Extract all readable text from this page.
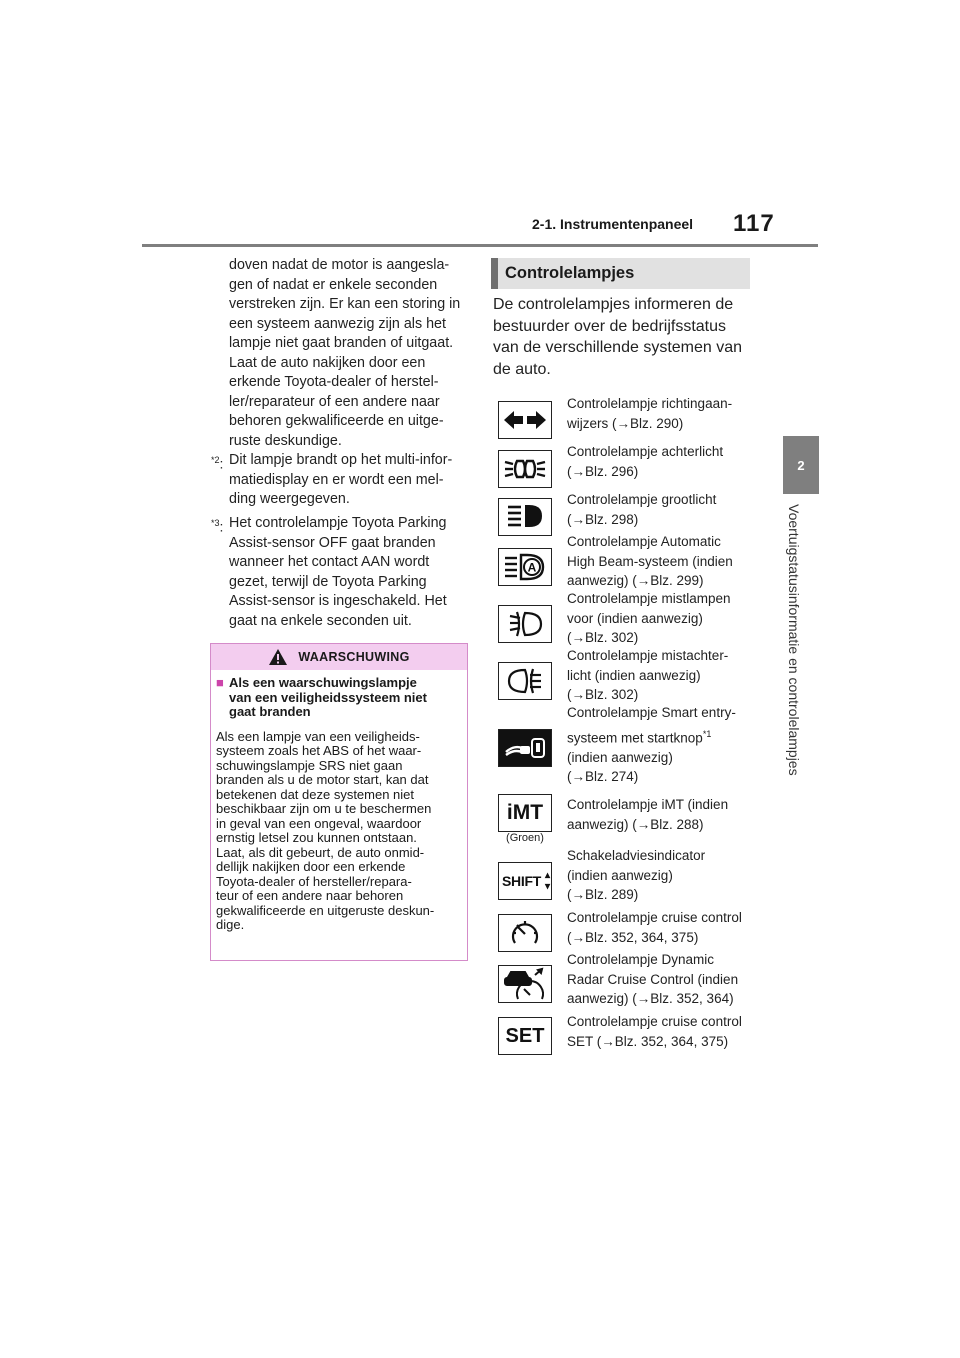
2-1. Instrumentenpaneel 117
2
Voertuigstatusinformatie en controlelampjes
doven nadat de motor is aangesla-
gen of nadat er enkele seconden
verstreken zijn. Er kan een storing in
een systeem aanwezig zijn als het
lampje niet gaat branden of uitgaat.
Laat de auto nakijken door een
erkende Toyota-dealer of herstel-
ler/reparateur of een andere naar
behoren gekwalificeerde en uitge-
ruste deskundige.
$^{*2}$: Dit lampje brandt op het multi-infor-
matiedisplay en er wordt een mel-
ding weergegeven.
$^{*3}$: Het controlelampje Toyota Parking
Assist-sensor OFF gaat branden
wanneer het contact AAN wordt
gezet, terwijl de Toyota Parking
Assist-sensor is ingeschakeld. Het
gaat na enkele seconden uit.
WAARSCHUWING
■ Als een waarschuwingslampje
van een veiligheidssysteem niet
gaat branden
Als een lampje van een veiligheids-
systeem zoals het ABS of het waar-
schuwingslampje SRS niet gaan
branden als u de motor start, kan dat
betekenen dat deze systemen niet
beschikbaar zijn om u te beschermen
in geval van een ongeval, waardoor
ernstig letsel zou kunnen ontstaan.
Laat, als dit gebeurt, de auto onmid-
dellijk nakijken door een erkende
Toyota-dealer of hersteller/repara-
teur of een andere naar behoren
gekwalificeerde en uitgeruste deskun-
dige.
Controlelampjes
De controlelampjes informeren de
bestuurder over de bedrijfsstatus
van de verschillende systemen van
de auto.
Controlelampje richtingaan-
wijzers (→Blz. 290)
Controlelampje achterlicht
(→Blz. 296)
Controlelampje grootlicht
(→Blz. 298)
A
Controlelampje Automatic
High Beam-systeem (indien
aanwezig) (→Blz. 299)
Controlelampje mistlampen
voor (indien aanwezig)
(→Blz. 302)
Controlelampje mistachter-
licht (indien aanwezig)
(→Blz. 302)
Controlelampje Smart entry-
systeem met startknop$^{*1}$
(indien aanwezig)
(→Blz. 274)
iMT
(Groen)
Controlelampje iMT (indien
aanwezig) (→Blz. 288)
SHIFT
Schakeladviesindicator
(indien aanwezig)
(→Blz. 289)
Controlelampje cruise control
(→Blz. 352, 364, 375)
Controlelampje Dynamic
Radar Cruise Control (indien
aanwezig) (→Blz. 352, 364)
SET
Controlelampje cruise control
SET (→Blz. 352, 364, 375)
